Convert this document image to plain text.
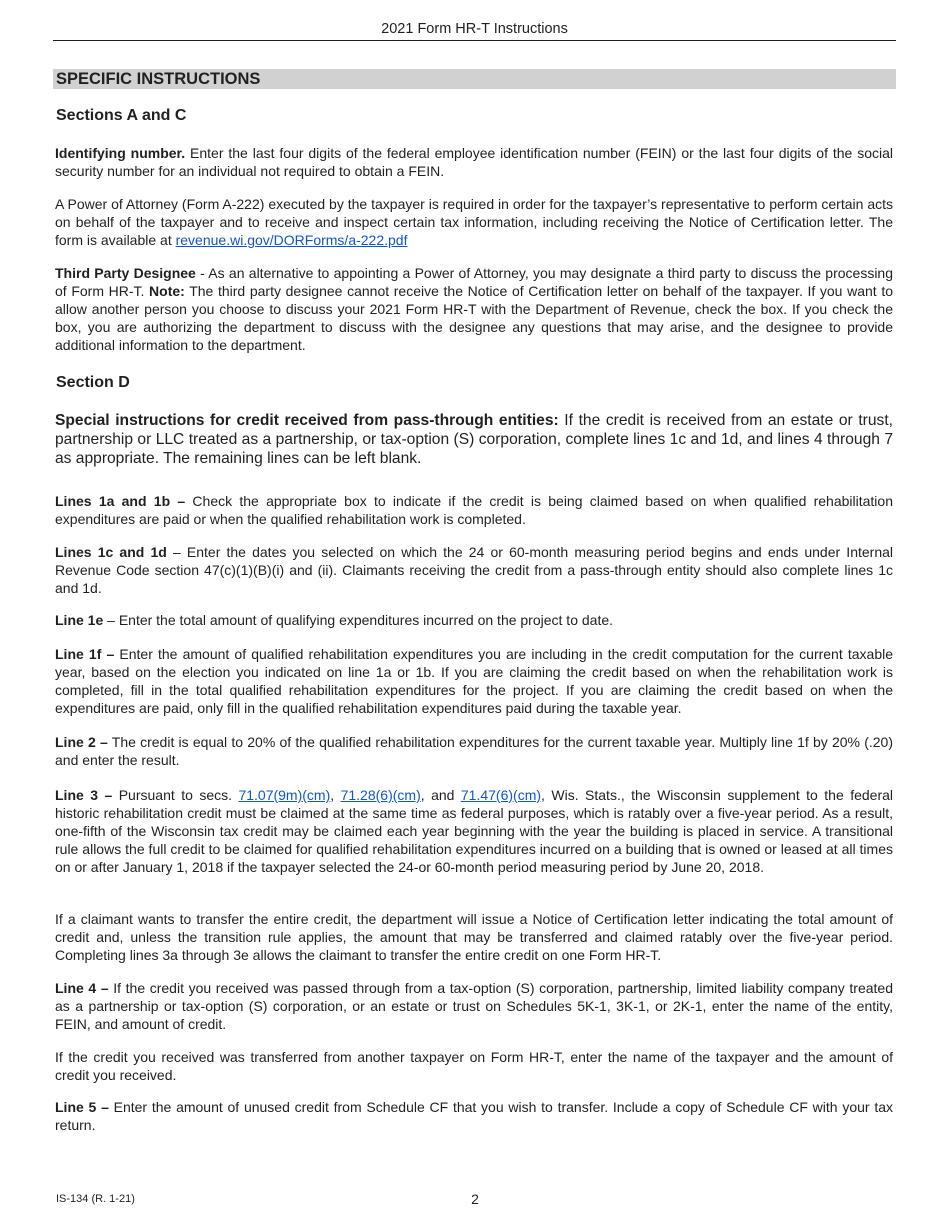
2021 Form HR-T Instructions
SPECIFIC INSTRUCTIONS
Sections A and C
Identifying number. Enter the last four digits of the federal employee identification number (FEIN) or the last four digits of the social security number for an individual not required to obtain a FEIN.
A Power of Attorney (Form A-222) executed by the taxpayer is required in order for the taxpayer’s representative to perform certain acts on behalf of the taxpayer and to receive and inspect certain tax information, including receiving the Notice of Certification letter. The form is available at revenue.wi.gov/DORForms/a-222.pdf
Third Party Designee - As an alternative to appointing a Power of Attorney, you may designate a third party to discuss the processing of Form HR-T. Note: The third party designee cannot receive the Notice of Certification letter on behalf of the taxpayer. If you want to allow another person you choose to discuss your 2021 Form HR-T with the Department of Revenue, check the box. If you check the box, you are authorizing the department to discuss with the designee any questions that may arise, and the designee to provide additional information to the department.
Section D
Special instructions for credit received from pass-through entities: If the credit is received from an estate or trust, partnership or LLC treated as a partnership, or tax-option (S) corporation, complete lines 1c and 1d, and lines 4 through 7 as appropriate. The remaining lines can be left blank.
Lines 1a and 1b – Check the appropriate box to indicate if the credit is being claimed based on when qualified rehabilitation expenditures are paid or when the qualified rehabilitation work is completed.
Lines 1c and 1d – Enter the dates you selected on which the 24 or 60-month measuring period begins and ends under Internal Revenue Code section 47(c)(1)(B)(i) and (ii). Claimants receiving the credit from a pass-through entity should also complete lines 1c and 1d.
Line 1e – Enter the total amount of qualifying expenditures incurred on the project to date.
Line 1f – Enter the amount of qualified rehabilitation expenditures you are including in the credit computation for the current taxable year, based on the election you indicated on line 1a or 1b. If you are claiming the credit based on when the rehabilitation work is completed, fill in the total qualified rehabilitation expenditures for the project. If you are claiming the credit based on when the expenditures are paid, only fill in the qualified rehabilitation expenditures paid during the taxable year.
Line 2 – The credit is equal to 20% of the qualified rehabilitation expenditures for the current taxable year. Multiply line 1f by 20% (.20) and enter the result.
Line 3 – Pursuant to secs. 71.07(9m)(cm), 71.28(6)(cm), and 71.47(6)(cm), Wis. Stats., the Wisconsin supplement to the federal historic rehabilitation credit must be claimed at the same time as federal purposes, which is ratably over a five-year period. As a result, one-fifth of the Wisconsin tax credit may be claimed each year beginning with the year the building is placed in service. A transitional rule allows the full credit to be claimed for qualified rehabilitation expenditures incurred on a building that is owned or leased at all times on or after January 1, 2018 if the taxpayer selected the 24-or 60-month period measuring period by June 20, 2018.
If a claimant wants to transfer the entire credit, the department will issue a Notice of Certification letter indicating the total amount of credit and, unless the transition rule applies, the amount that may be transferred and claimed ratably over the five-year period. Completing lines 3a through 3e allows the claimant to transfer the entire credit on one Form HR-T.
Line 4 – If the credit you received was passed through from a tax-option (S) corporation, partnership, limited liability company treated as a partnership or tax-option (S) corporation, or an estate or trust on Schedules 5K-1, 3K-1, or 2K-1, enter the name of the entity, FEIN, and amount of credit.
If the credit you received was transferred from another taxpayer on Form HR-T, enter the name of the taxpayer and the amount of credit you received.
Line 5 – Enter the amount of unused credit from Schedule CF that you wish to transfer. Include a copy of Schedule CF with your tax return.
IS-134 (R. 1-21)	2
